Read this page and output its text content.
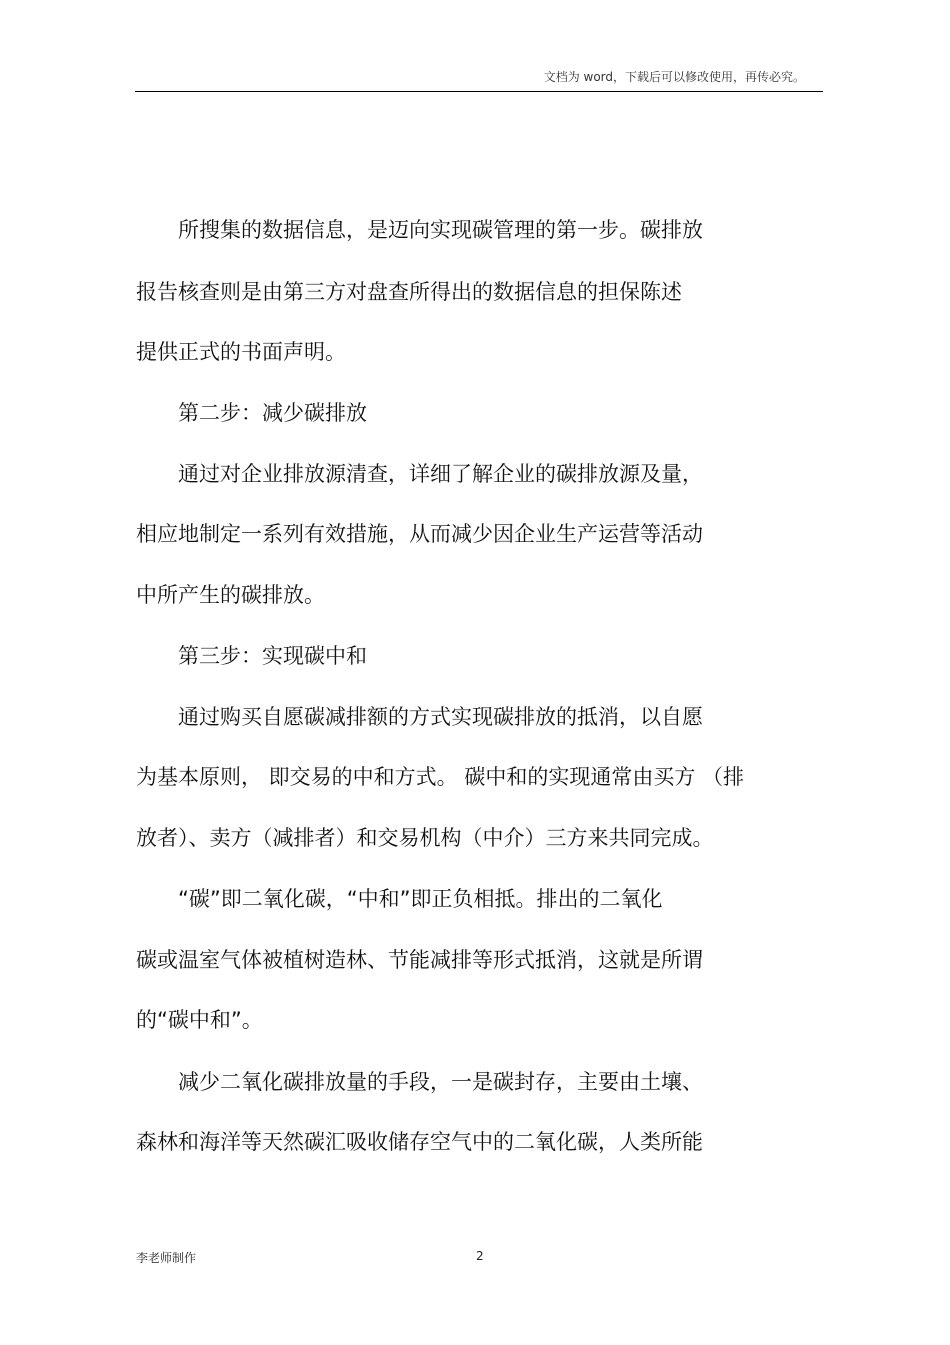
文档为 word，下载后可以修改使用，再传必究。
　　所搜集的数据信息，是迈向实现碳管理的第一步。碳排放
报告核查则是由第三方对盘查所得出的数据信息的担保陈述
提供正式的书面声明。
　　第二步：减少碳排放
　　通过对企业排放源清查，详细了解企业的碳排放源及量，
相应地制定一系列有效措施，从而减少因企业生产运营等活动
中所产生的碳排放。
　　第三步：实现碳中和
　　通过购买自愿碳减排额的方式实现碳排放的抵消，以自愿
为基本原则， 即交易的中和方式。 碳中和的实现通常由买方 （排
放者）、卖方（减排者）和交易机构（中介）三方来共同完成。
　　“碳”即二氧化碳，“中和”即正负相抵。排出的二氧化
碳或温室气体被植树造林、节能减排等形式抵消，这就是所谓
的“碳中和”。
　　减少二氧化碳排放量的手段，一是碳封存，主要由土壤、
森林和海洋等天然碳汇吸收储存空气中的二氧化碳，人类所能
李老师制作	2
